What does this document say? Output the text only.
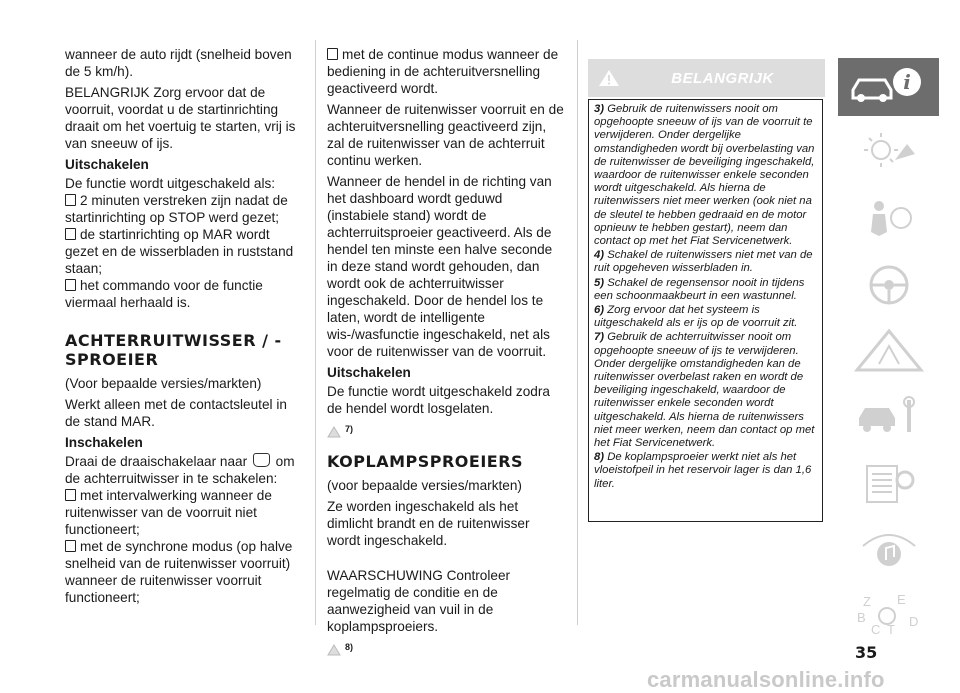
wanneer de auto rijdt (snelheid boven de 5 km/h).

BELANGRIJK Zorg ervoor dat de voorruit, voordat u de startinrichting draait om het voertuig te starten, vrij is van sneeuw of ijs.

Uitschakelen

De functie wordt uitgeschakeld als:

2 minuten verstreken zijn nadat de startinrichting op STOP werd gezet;
de startinrichting op MAR wordt gezet en de wisserbladen in ruststand staan;
het commando voor de functie viermaal herhaald is.
ACHTERRUITWISSER / -SPROEIER

(Voor bepaalde versies/markten)

Werkt alleen met de contactsleutel in de stand MAR.

Inschakelen

Draai de draaischakelaar naar om de achterruitwisser in te schakelen:

met intervalwerking wanneer de ruitenwisser van de voorruit niet functioneert;
met de synchrone modus (op halve snelheid van de ruitenwisser voorruit) wanneer de ruitenwisser voorruit functioneert;
met de continue modus wanneer de bediening in de achteruitversnelling geactiveerd wordt.

Wanneer de ruitenwisser voorruit en de achteruitversnelling geactiveerd zijn, zal de ruitenwisser van de achterruit continu werken.

Wanneer de hendel in de richting van het dashboard wordt geduwd (instabiele stand) wordt de achterruitsproeier geactiveerd. Als de hendel ten minste een halve seconde in deze stand wordt gehouden, dan wordt ook de achterruitwisser ingeschakeld. Door de hendel los te laten, wordt de intelligente wis-/wasfunctie ingeschakeld, net als voor de ruitenwisser van de voorruit.

Uitschakelen

De functie wordt uitgeschakeld zodra de hendel wordt losgelaten.

7)
KOPLAMPSPROEIERS

(voor bepaalde versies/markten)

Ze worden ingeschakeld als het dimlicht brandt en de ruitenwisser wordt ingeschakeld.

WAARSCHUWING Controleer regelmatig de conditie en de aanwezigheid van vuil in de koplampsproeiers.

8)
BELANGRIJK

3) Gebruik de ruitenwissers nooit om opgehoopte sneeuw of ijs van de voorruit te verwijderen. Onder dergelijke omstandigheden wordt bij overbelasting van de ruitenwisser de beveiliging ingeschakeld, waardoor de ruitenwisser enkele seconden wordt uitgeschakeld. Als hierna de ruitenwissers niet meer werken (ook niet na de sleutel te hebben gedraaid en de motor opnieuw te hebben gestart), neem dan contact op met het Fiat Servicenetwerk.

4) Schakel de ruitenwissers niet met van de ruit opgeheven wisserbladen in.

5) Schakel de regensensor nooit in tijdens een schoonmaakbeurt in een wastunnel.

6) Zorg ervoor dat het systeem is uitgeschakeld als er ijs op de voorruit zit.

7) Gebruik de achterruitwisser nooit om opgehoopte sneeuw of ijs te verwijderen. Onder dergelijke omstandigheden kan de ruitenwisser overbelast raken en wordt de beveiliging ingeschakeld, waardoor de ruitenwisser enkele seconden wordt uitgeschakeld. Als hierna de ruitenwissers niet meer werken, neem dan contact op met het Fiat Servicenetwerk.

8) De koplampsproeier werkt niet als het vloeistofpeil in het reservoir lager is dan 1,6 liter.

i
Z E
B
C T
D
35
carmanualsonline.info
